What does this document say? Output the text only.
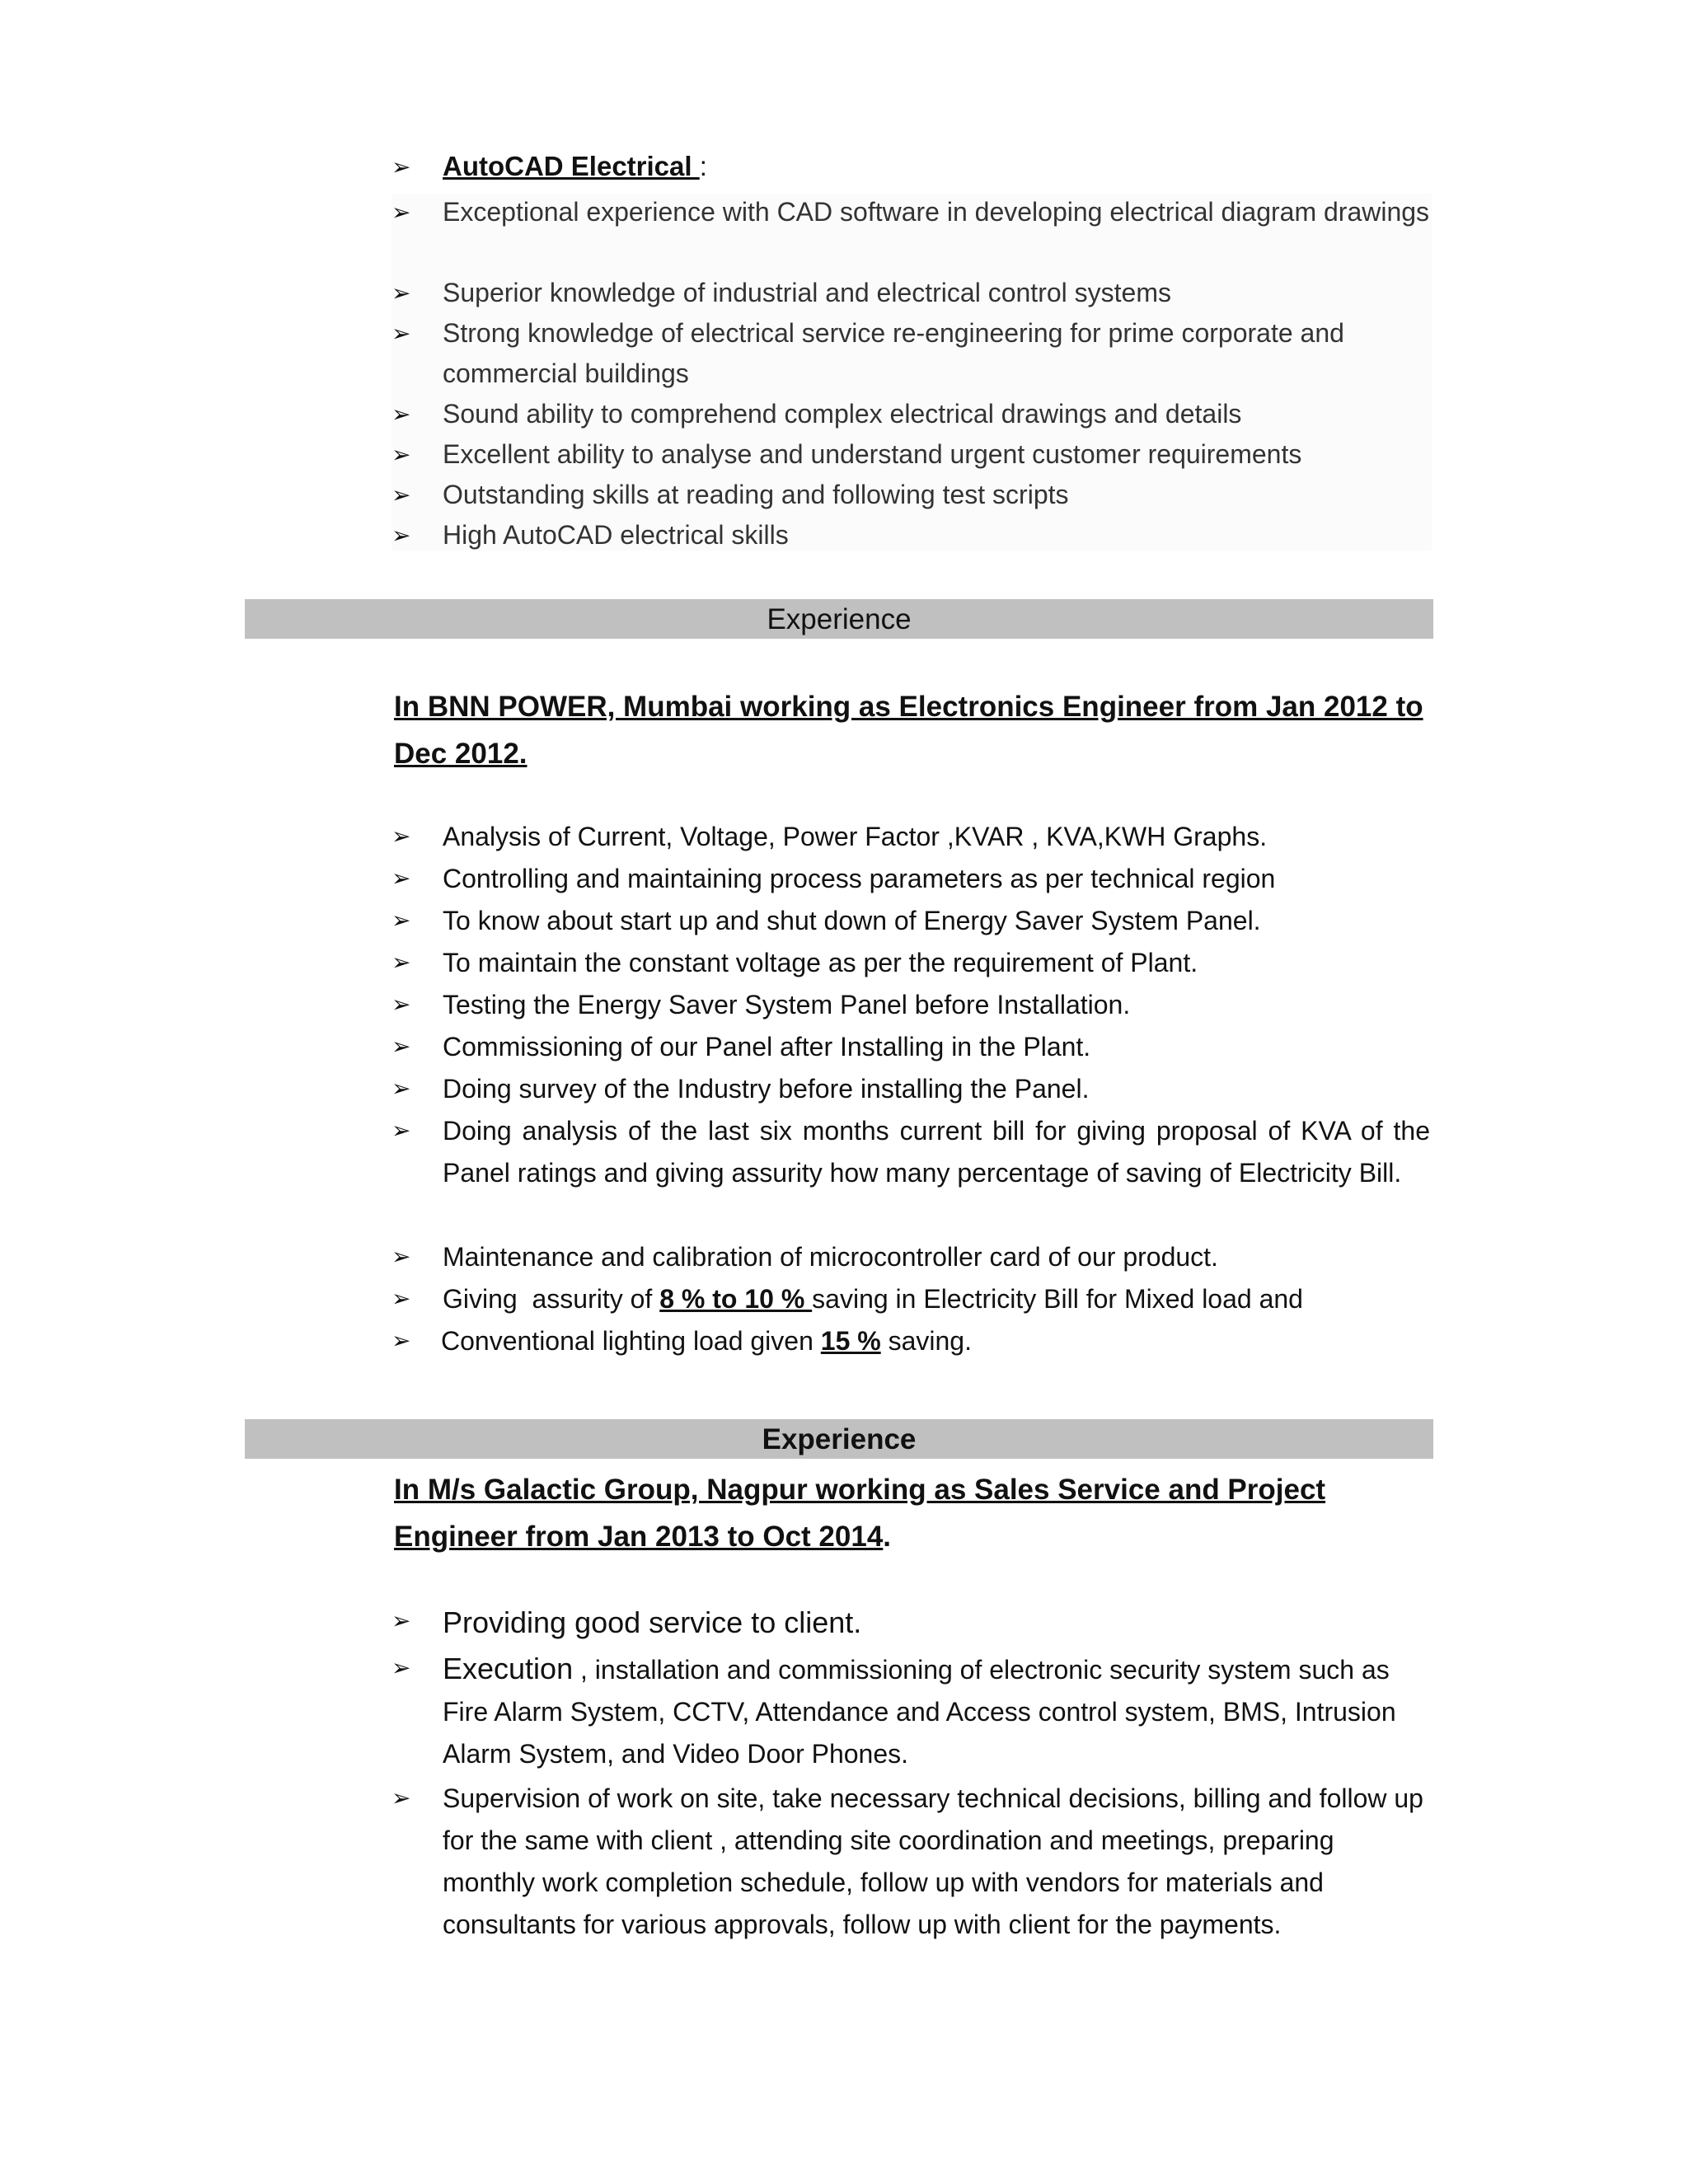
➢ AutoCAD Electrical :
➢ Exceptional experience with CAD software in developing electrical diagram drawings
➢ Superior knowledge of industrial and electrical control systems
➢ Strong knowledge of electrical service re-engineering for prime corporate and commercial buildings
➢ Sound ability to comprehend complex electrical drawings and details
➢ Excellent ability to analyse and understand urgent customer requirements
➢ Outstanding skills at reading and following test scripts
➢ High AutoCAD electrical skills
Experience
In BNN POWER, Mumbai working as Electronics Engineer from Jan 2012 to Dec 2012.
➢ Analysis of Current, Voltage, Power Factor ,KVAR , KVA,KWH Graphs.
➢ Controlling and maintaining process parameters as per technical region
➢ To know about start up and shut down of Energy Saver System Panel.
➢ To maintain the constant voltage as per the requirement of Plant.
➢ Testing the Energy Saver System Panel before Installation.
➢ Commissioning of our Panel after Installing in the Plant.
➢ Doing survey of the Industry before installing the Panel.
➢ Doing analysis of the last six months current bill for giving proposal of KVA of the Panel ratings and giving assurity how many percentage of saving of Electricity Bill.
➢ Maintenance and calibration of microcontroller card of our product.
➢ Giving  assurity of 8 % to 10 % saving in Electricity Bill for Mixed load and
➢ Conventional lighting load given 15 % saving.
Experience
In M/s Galactic Group, Nagpur working as Sales Service and Project Engineer from Jan 2013 to Oct 2014.
➢ Providing good service to client.
➢ Execution , installation and commissioning of electronic security system such as Fire Alarm System, CCTV, Attendance and Access control system, BMS, Intrusion Alarm System, and Video Door Phones.
➢ Supervision of work on site, take necessary technical decisions, billing and follow up for the same with client , attending site coordination and meetings, preparing monthly work completion schedule, follow up with vendors for materials and consultants for various approvals, follow up with client for the payments.
